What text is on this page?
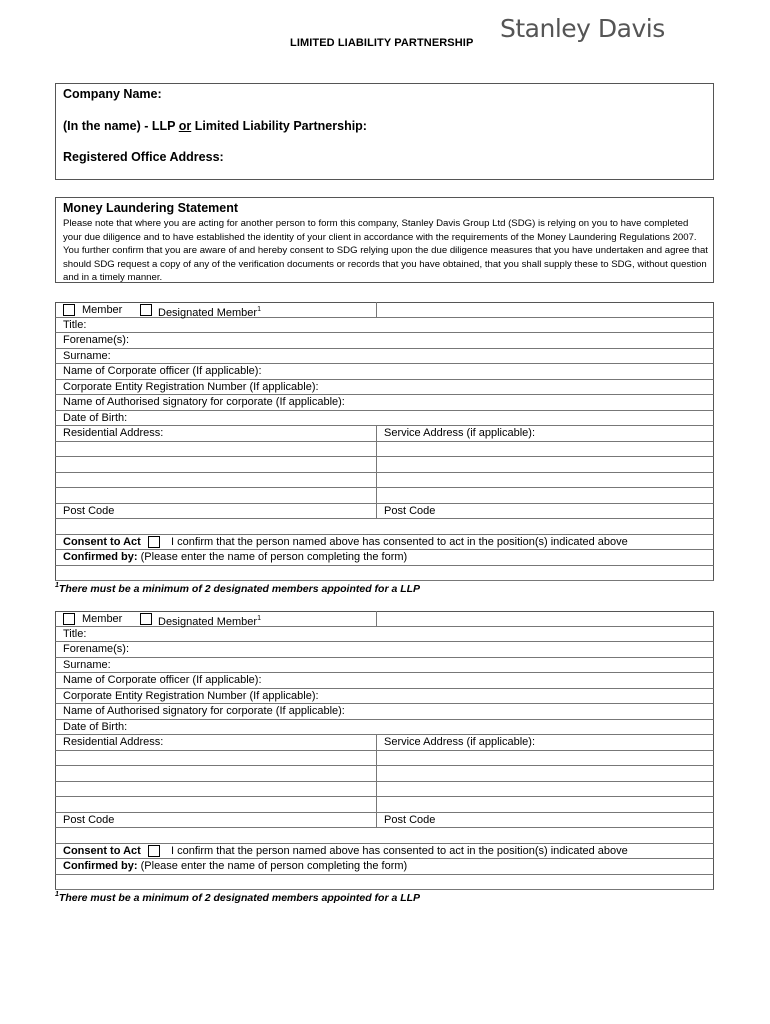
LIMITED LIABILITY PARTNERSHIP Stanley Davis
Company Name:
(In the name) - LLP or Limited Liability Partnership:
Registered Office Address:
Money Laundering Statement
Please note that where you are acting for another person to form this company, Stanley Davis Group Ltd (SDG) is relying on you to have completed your due diligence and to have established the identity of your client in accordance with the requirements of the Money Laundering Regulations 2007. You further confirm that you are aware of and hereby consent to SDG relying upon the due diligence measures that you have undertaken and agree that should SDG request a copy of any of the verification documents or records that you have obtained, that you shall supply these to SDG, without question and in a timely manner.
Member	Designated Member$^1$
Title:
Forename(s):
Surname:
Name of Corporate officer (If applicable):
Corporate Entity Registration Number (If applicable):
Name of Authorised signatory for corporate (If applicable):
Date of Birth:
Residential Address:	Service Address (if applicable):
Post Code	Post Code
Consent to Act	I confirm that the person named above has consented to act in the position(s) indicated above
Confirmed by: (Please enter the name of person completing the form)
$^1$There must be a minimum of 2 designated members appointed for a LLP
Member	Designated Member$^1$
Title:
Forename(s):
Surname:
Name of Corporate officer (If applicable):
Corporate Entity Registration Number (If applicable):
Name of Authorised signatory for corporate (If applicable):
Date of Birth:
Residential Address:	Service Address (if applicable):
Post Code	Post Code
Consent to Act	I confirm that the person named above has consented to act in the position(s) indicated above
Confirmed by: (Please enter the name of person completing the form)
$^1$There must be a minimum of 2 designated members appointed for a LLP
